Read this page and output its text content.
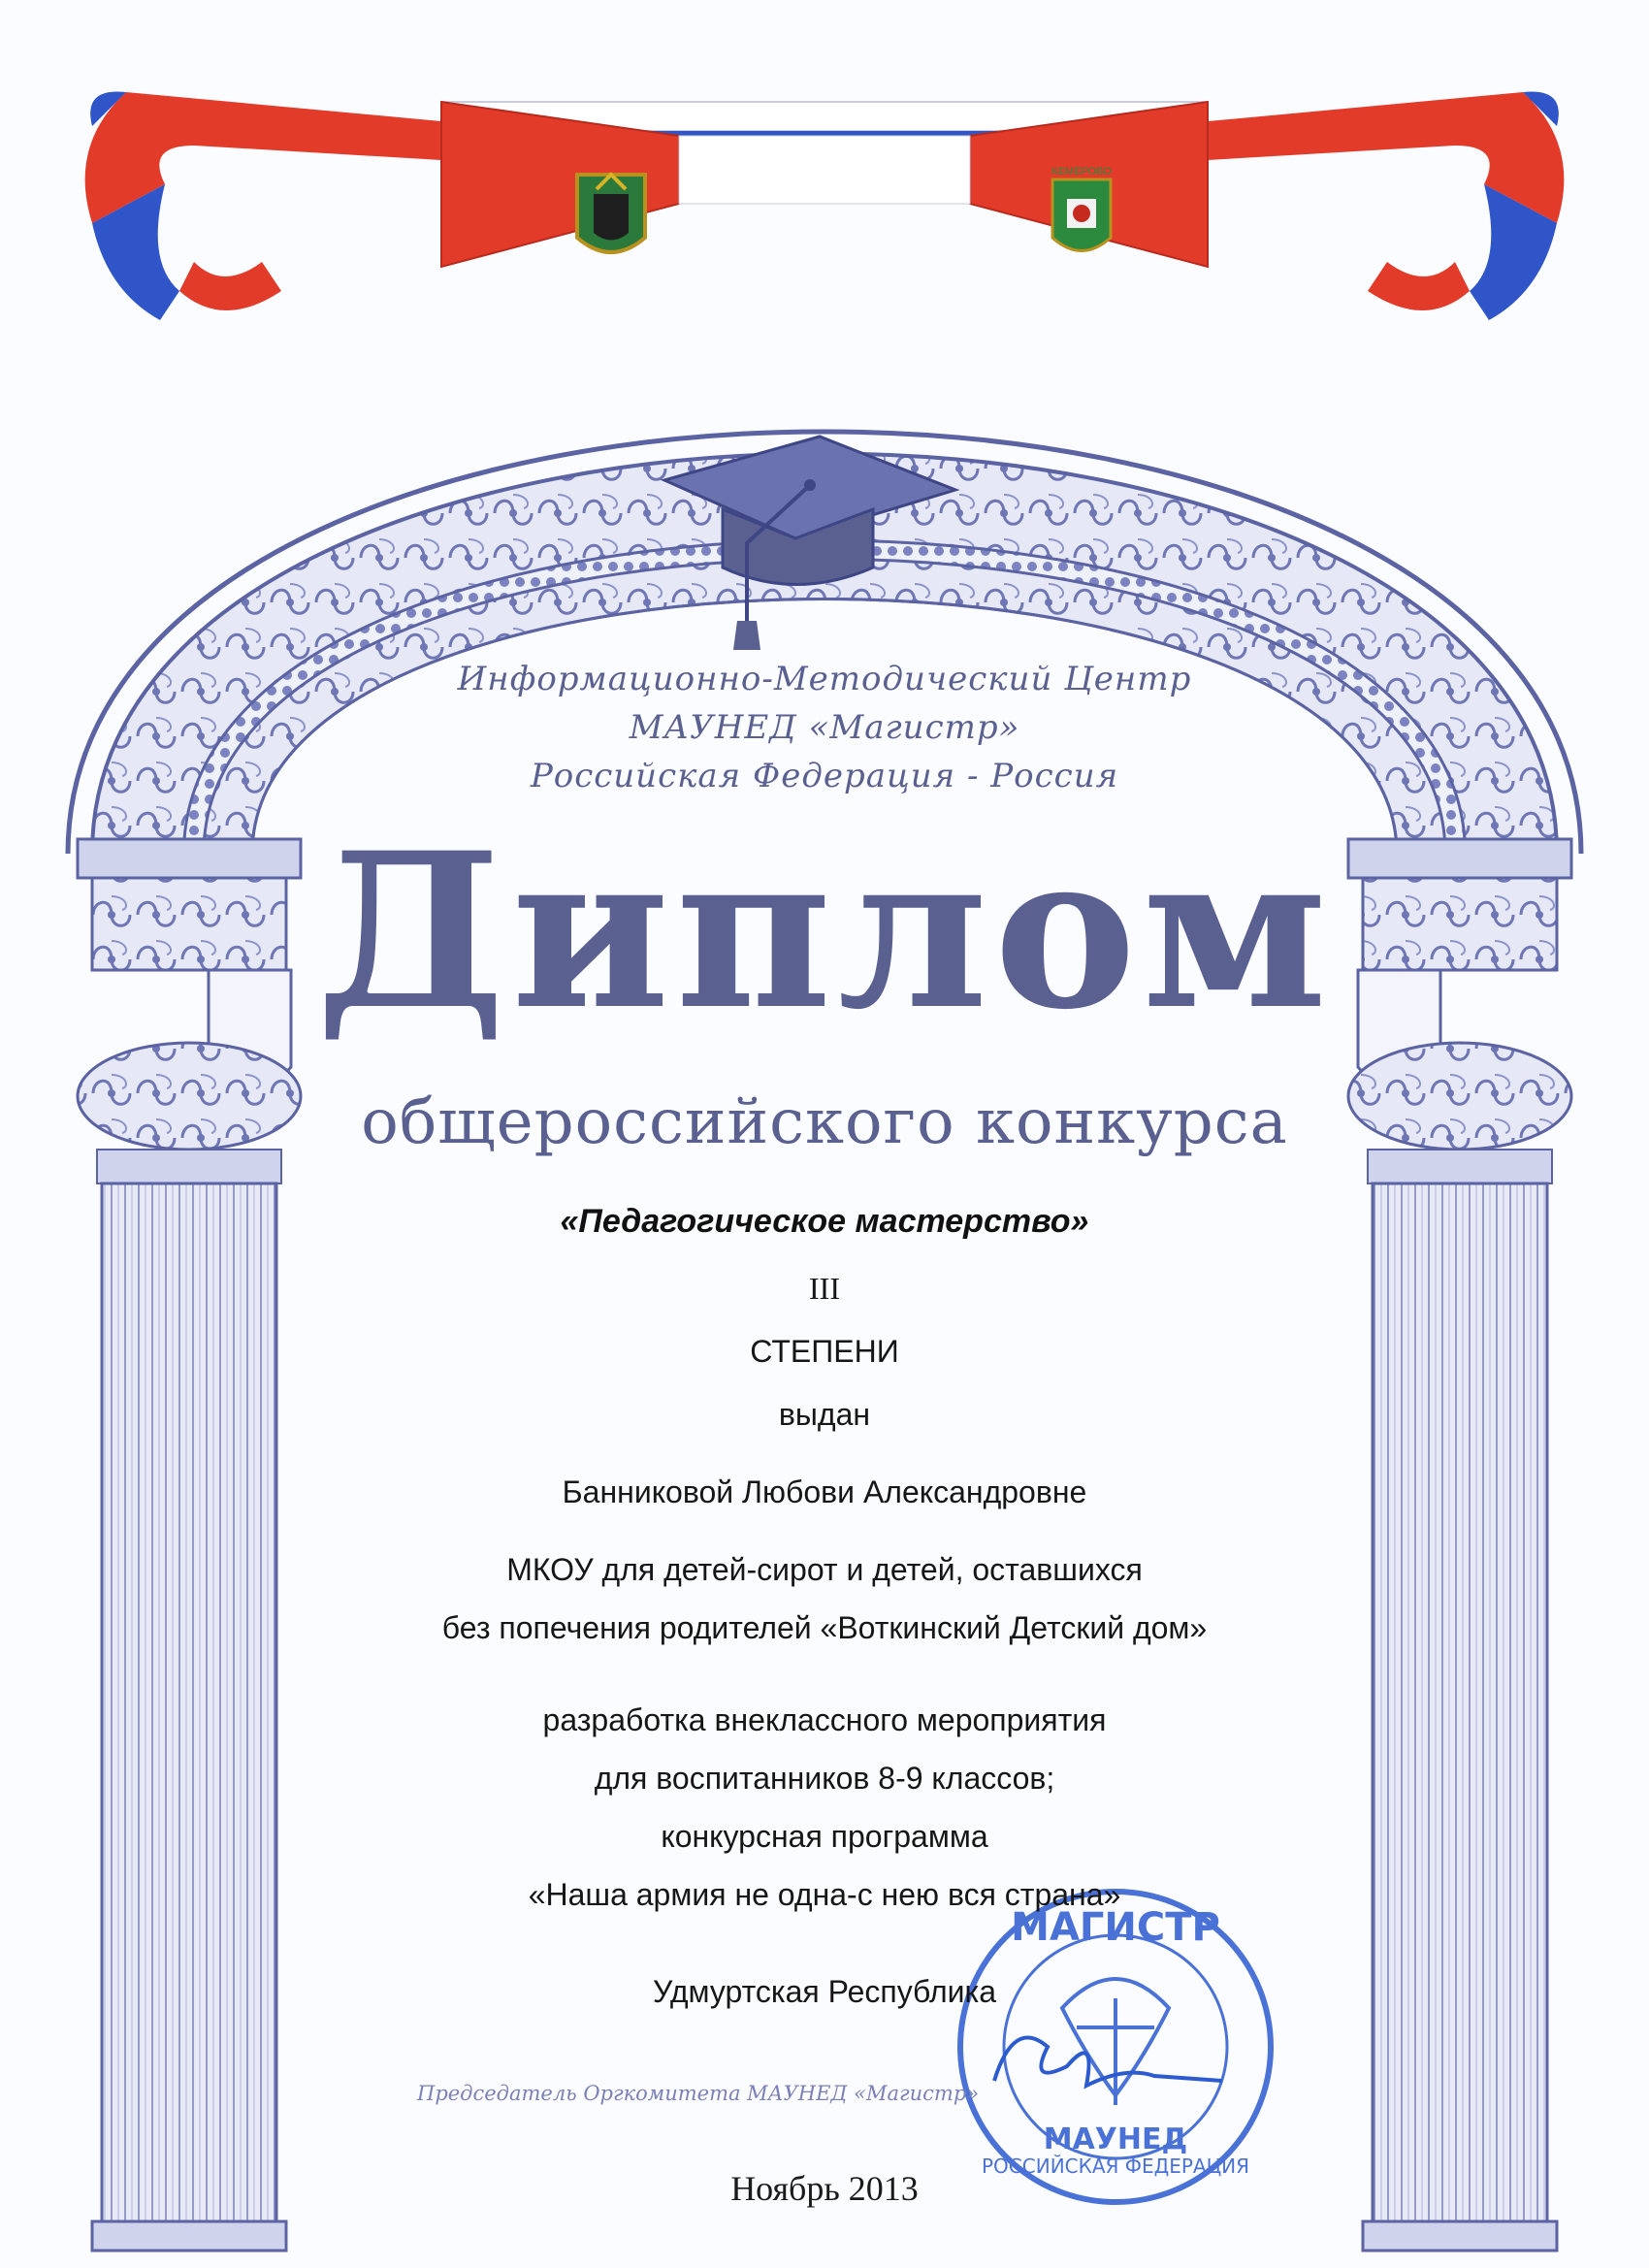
КЕМЕРОВО
МАГИСТР
РОССИЙСКАЯ ФЕДЕРАЦИЯ
МАУНЕД

Информационно-Методический Центр

МАУНЕД «Магистр»

Российская Федерация - Россия

Диплом
общероссийского конкурса

«Педагогическое мастерство»

III

СТЕПЕНИ

выдан

Банниковой Любови Александровне

МКОУ для детей-сирот и детей, оставшихся

без попечения родителей «Воткинский Детский дом»

разработка внеклассного мероприятия

для воспитанников 8-9 классов;

конкурсная программа

«Наша армия не одна-с нею вся страна»

Удмуртская Республика

Председатель Оргкомитета МАУНЕД «Магистр»

Ноябрь 2013
